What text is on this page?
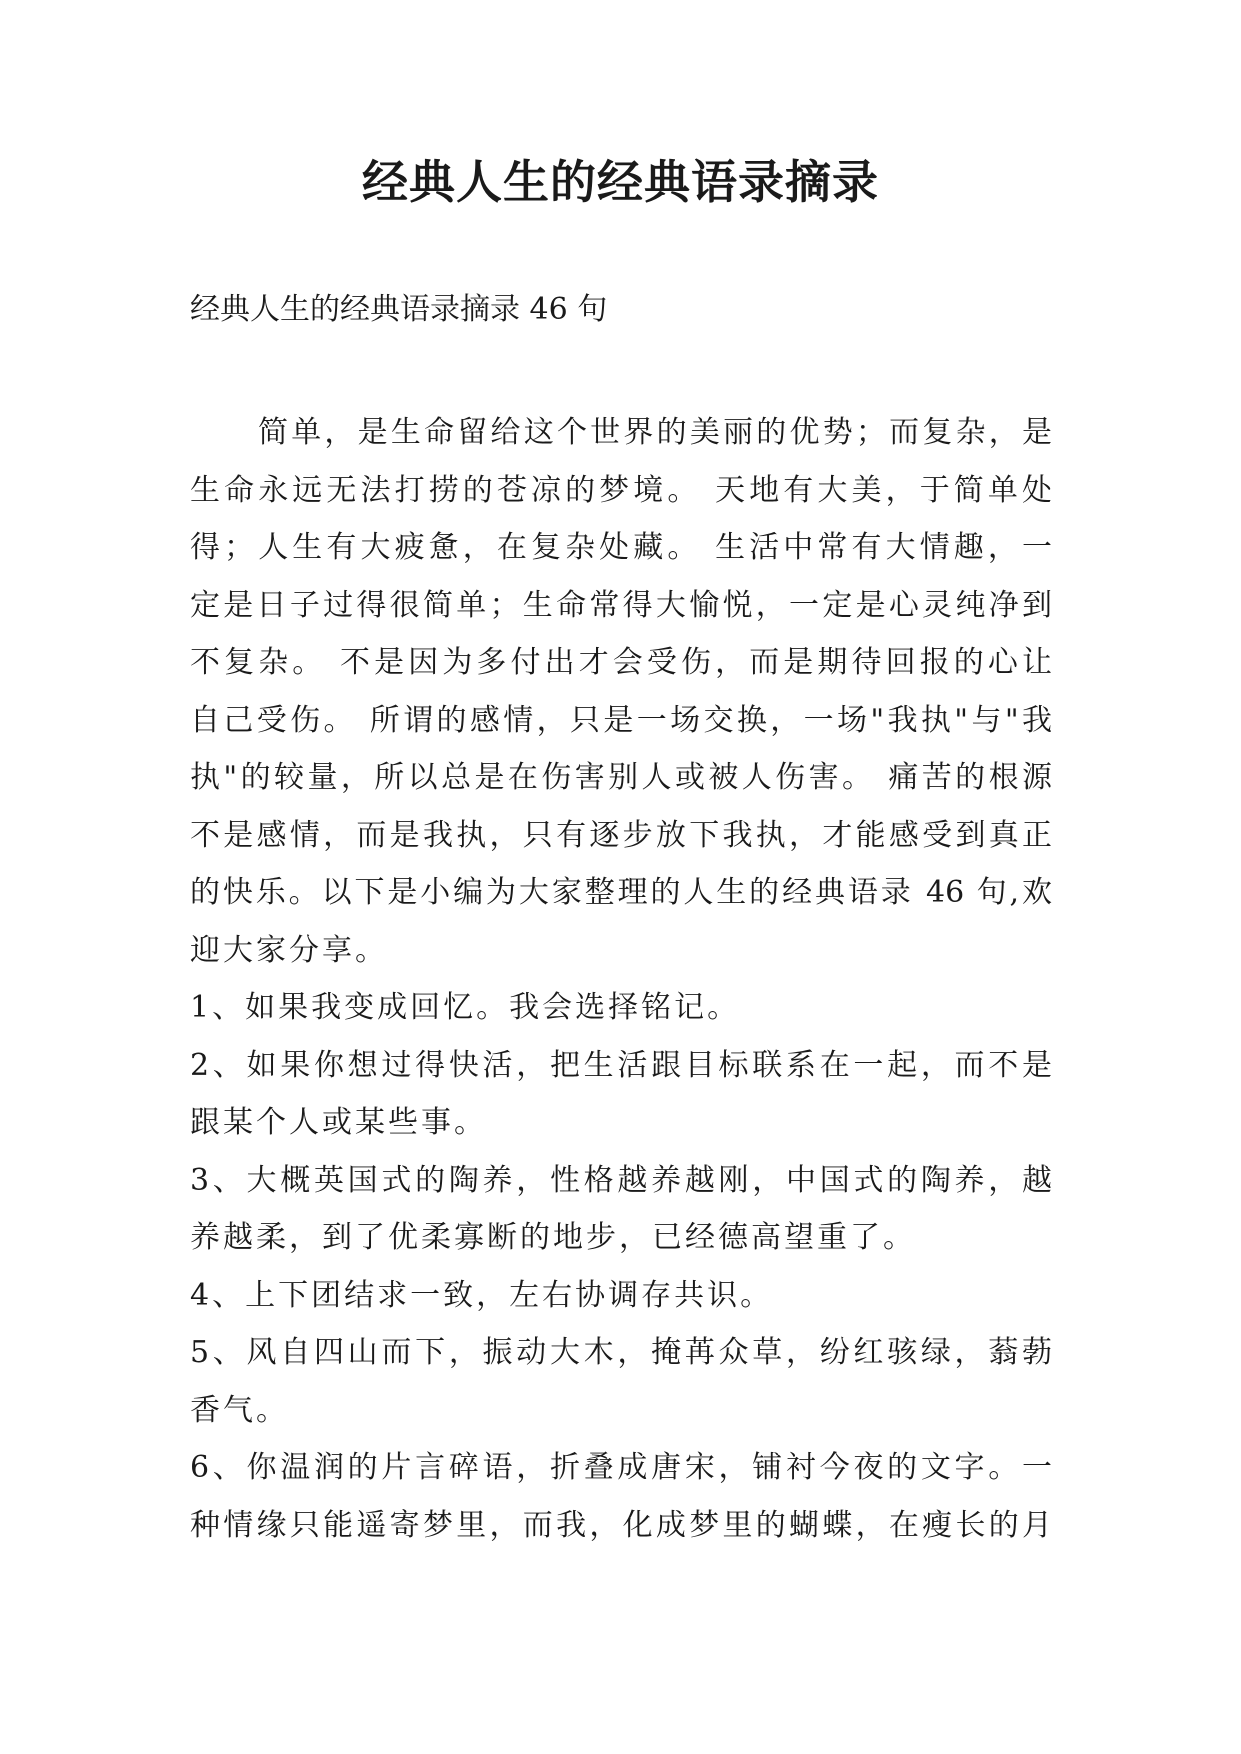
经典人生的经典语录摘录

经典人生的经典语录摘录 46 句

简单，是生命留给这个世界的美丽的优势；而复杂，是

生命永远无法打捞的苍凉的梦境。 天地有大美，于简单处

得；人生有大疲惫，在复杂处藏。 生活中常有大情趣，一

定是日子过得很简单；生命常得大愉悦，一定是心灵纯净到

不复杂。 不是因为多付出才会受伤，而是期待回报的心让

自己受伤。 所谓的感情，只是一场交换，一场"我执"与"我

执"的较量，所以总是在伤害别人或被人伤害。 痛苦的根源

不是感情，而是我执，只有逐步放下我执，才能感受到真正

的快乐。以下是小编为大家整理的人生的经典语录 46 句,欢

迎大家分享。

1、如果我变成回忆。我会选择铭记。

2、如果你想过得快活，把生活跟目标联系在一起，而不是

跟某个人或某些事。

3、大概英国式的陶养，性格越养越刚，中国式的陶养，越

养越柔，到了优柔寡断的地步，已经德高望重了。

4、上下团结求一致，左右协调存共识。

5、风自四山而下，振动大木，掩苒众草，纷红骇绿，蓊葧

香气。

6、你温润的片言碎语，折叠成唐宋，铺衬今夜的文字。一

种情缘只能遥寄梦里，而我，化成梦里的蝴蝶，在瘦长的月
